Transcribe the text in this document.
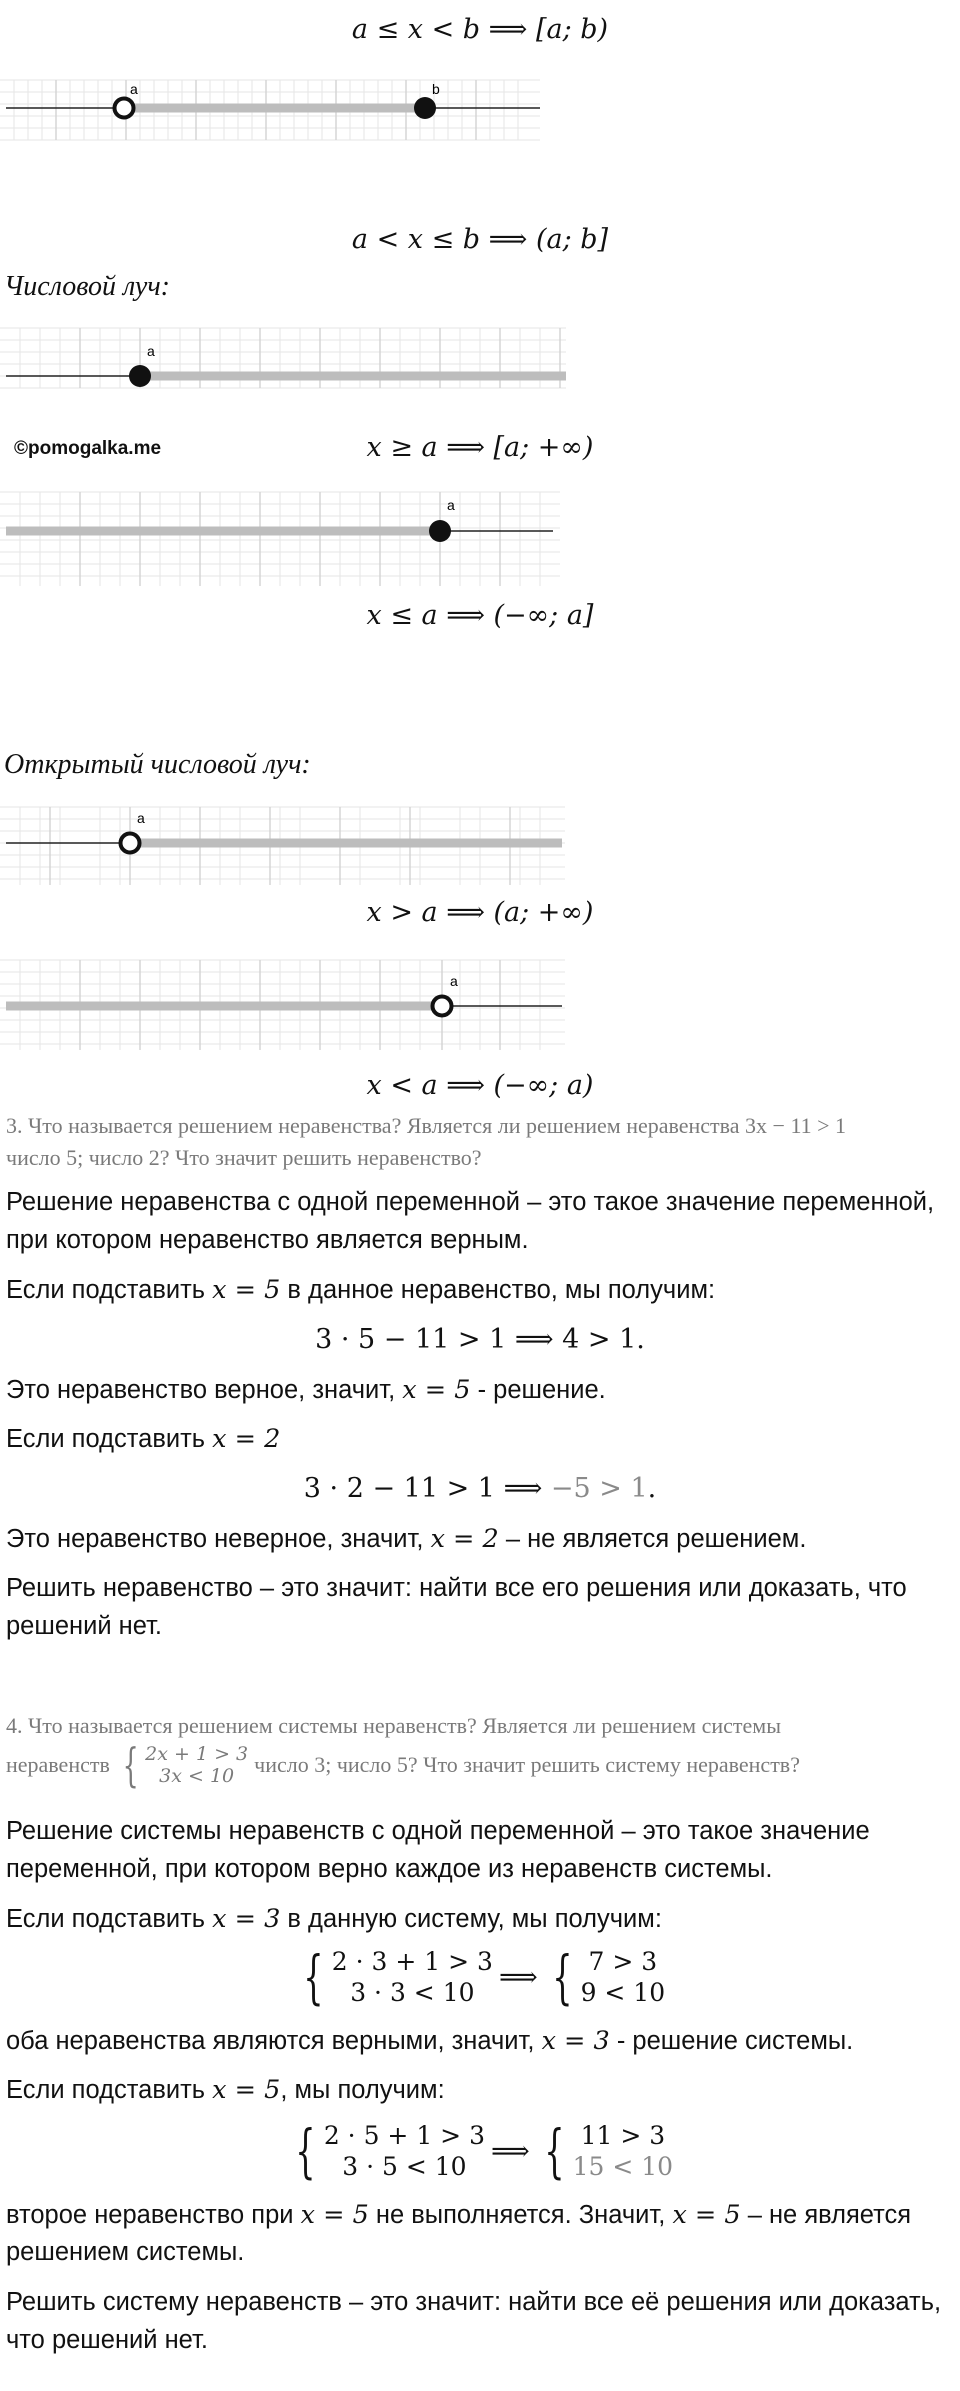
a ≤ x < b ⟹ [a; b)
a	b
a < x ≤ b ⟹ (a; b]
Числовой луч:
a
©pomogalka.me	x ≥ a ⟹ [a; +∞)
a
x ≤ a ⟹ (−∞; a]
Открытый числовой луч:
a
x > a ⟹ (a; +∞)
a
x < a ⟹ (−∞; a)
3. Что называется решением неравенства? Является ли решением неравенства 3x − 11 > 1
число 5; число 2? Что значит решить неравенство?
Решение неравенства с одной переменной – это такое значение переменной,
при котором неравенство является верным.
Если подставить x = 5 в данное неравенство, мы получим:
3 · 5 − 11 > 1 ⟹ 4 > 1.
Это неравенство верное, значит, x = 5 - решение.
Если подставить x = 2
3 · 2 − 11 > 1 ⟹ −5 > 1.
Это неравенство неверное, значит, x = 2 – не является решением.
Решить неравенство – это значит: найти все его решения или доказать, что
решений нет.
4. Что называется решением системы неравенств? Является ли решением системы
неравенств { 2x + 1 > 3
3x < 10 число 3; число 5? Что значит решить систему неравенств?
Решение системы неравенств с одной переменной – это такое значение
переменной, при котором верно каждое из неравенств системы.
Если подставить x = 3 в данную систему, мы получим:
{ 2 · 3 + 1 > 3
3 · 3 < 10 ⟹ { 7 > 3
9 < 10
оба неравенства являются верными, значит, x = 3 - решение системы.
Если подставить x = 5, мы получим:
{ 2 · 5 + 1 > 3
3 · 5 < 10 ⟹ { 11 > 3
15 < 10
второе неравенство при x = 5 не выполняется. Значит, x = 5 – не является
решением системы.
Решить систему неравенств – это значит: найти все её решения или доказать,
что решений нет.
